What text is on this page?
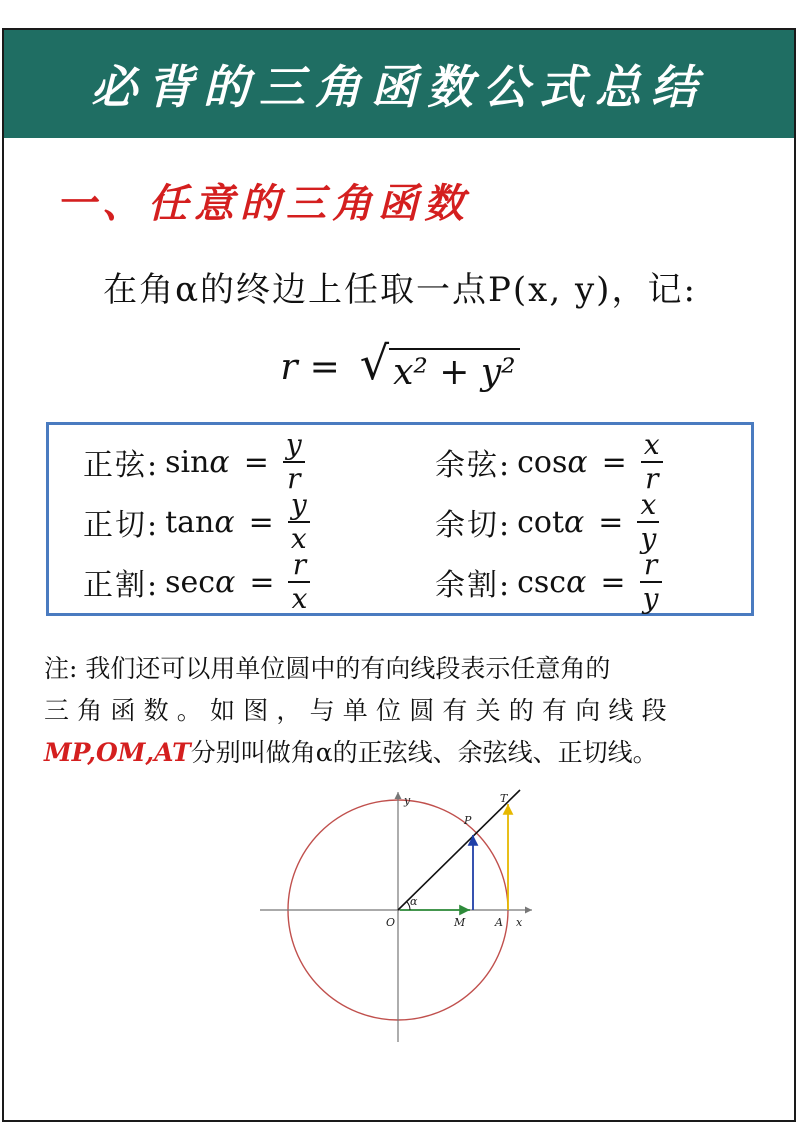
必背的三角函数公式总结
一、任意的三角函数
在角α的终边上任取一点P(x, y)，记:
r = √ x² + y²
正弦: $\sin \alpha = \frac{y}{r}$	余弦: $\cos \alpha = \frac{x}{r}$
正切: $\tan \alpha = \frac{y}{x}$	余切: $\cot \alpha = \frac{x}{y}$
正割: $\sec \alpha = \frac{r}{x}$	余割: $\csc \alpha = \frac{r}{y}$
注: 我们还可以用单位圆中的有向线段表示任意角的
三角函数。如图，与单位圆有关的有向线段
MP,OM,AT分别叫做角α的正弦线、余弦线、正切线。
α
O	M	A x
y
P
T
